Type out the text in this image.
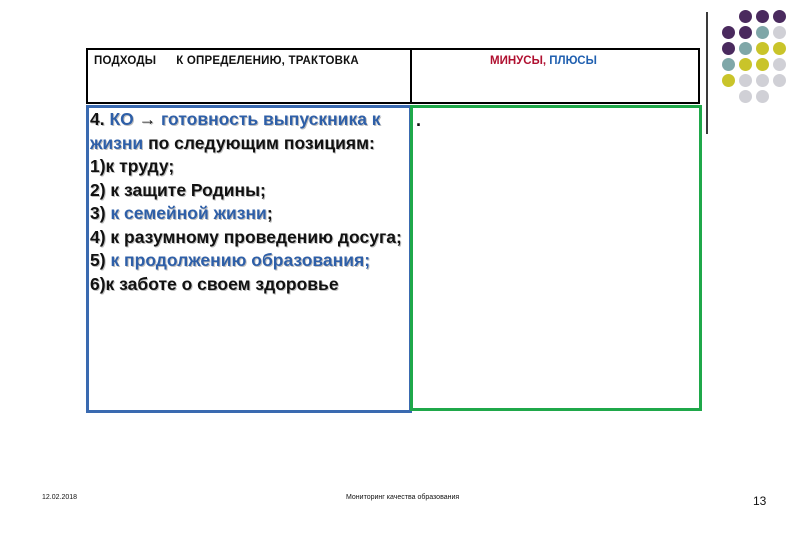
ПОДХОДЫ К ОПРЕДЕЛЕНИЮ, ТРАКТОВКА	МИНУСЫ, ПЛЮСЫ
.

4. КО → готовность выпускника к

жизни по следующим позициям:

1)к труду;

2) к защите Родины;

3) к семейной жизни;

4) к разумному проведению досуга;

5) к продолжению образования;

6)к заботе о своем здоровье

12.02.2018	Мониторинг качества образования	13
